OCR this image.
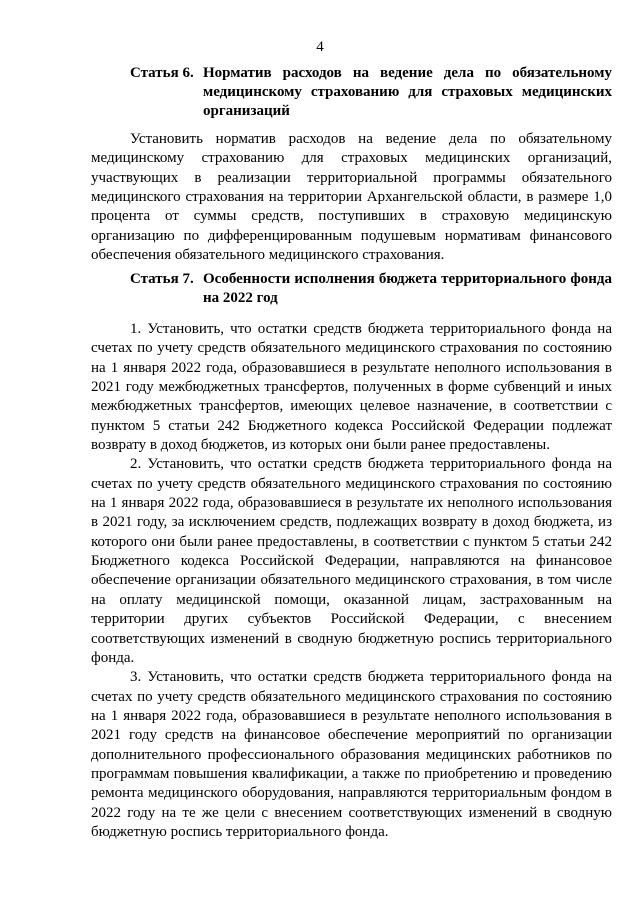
4
Статья 6. Норматив расходов на ведение дела по обязательному медицинскому страхованию для страховых медицинских организаций

Установить норматив расходов на ведение дела по обязательному медицинскому страхованию для страховых медицинских организаций, участвующих в реализации территориальной программы обязательного медицинского страхования на территории Архангельской области, в размере 1,0 процента от суммы средств, поступивших в страховую медицинскую организацию по дифференцированным подушевым нормативам финансового обеспечения обязательного медицинского страхования.

Статья 7. Особенности исполнения бюджета территориального фонда на 2022 год

1. Установить, что остатки средств бюджета территориального фонда на счетах по учету средств обязательного медицинского страхования по состоянию на 1 января 2022 года, образовавшиеся в результате неполного использования в 2021 году межбюджетных трансфертов, полученных в форме субвенций и иных межбюджетных трансфертов, имеющих целевое назначение, в соответствии с пунктом 5 статьи 242 Бюджетного кодекса Российской Федерации подлежат возврату в доход бюджетов, из которых они были ранее предоставлены.

2. Установить, что остатки средств бюджета территориального фонда на счетах по учету средств обязательного медицинского страхования по состоянию на 1 января 2022 года, образовавшиеся в результате их неполного использования в 2021 году, за исключением средств, подлежащих возврату в доход бюджета, из которого они были ранее предоставлены, в соответствии с пунктом 5 статьи 242 Бюджетного кодекса Российской Федерации, направляются на финансовое обеспечение организации обязательного медицинского страхования, в том числе на оплату медицинской помощи, оказанной лицам, застрахованным на территории других субъектов Российской Федерации, с внесением соответствующих изменений в сводную бюджетную роспись территориального фонда.

3. Установить, что остатки средств бюджета территориального фонда на счетах по учету средств обязательного медицинского страхования по состоянию на 1 января 2022 года, образовавшиеся в результате неполного использования в 2021 году средств на финансовое обеспечение мероприятий по организации дополнительного профессионального образования медицинских работников по программам повышения квалификации, а также по приобретению и проведению ремонта медицинского оборудования, направляются территориальным фондом в 2022 году на те же цели с внесением соответствующих изменений в сводную бюджетную роспись территориального фонда.
